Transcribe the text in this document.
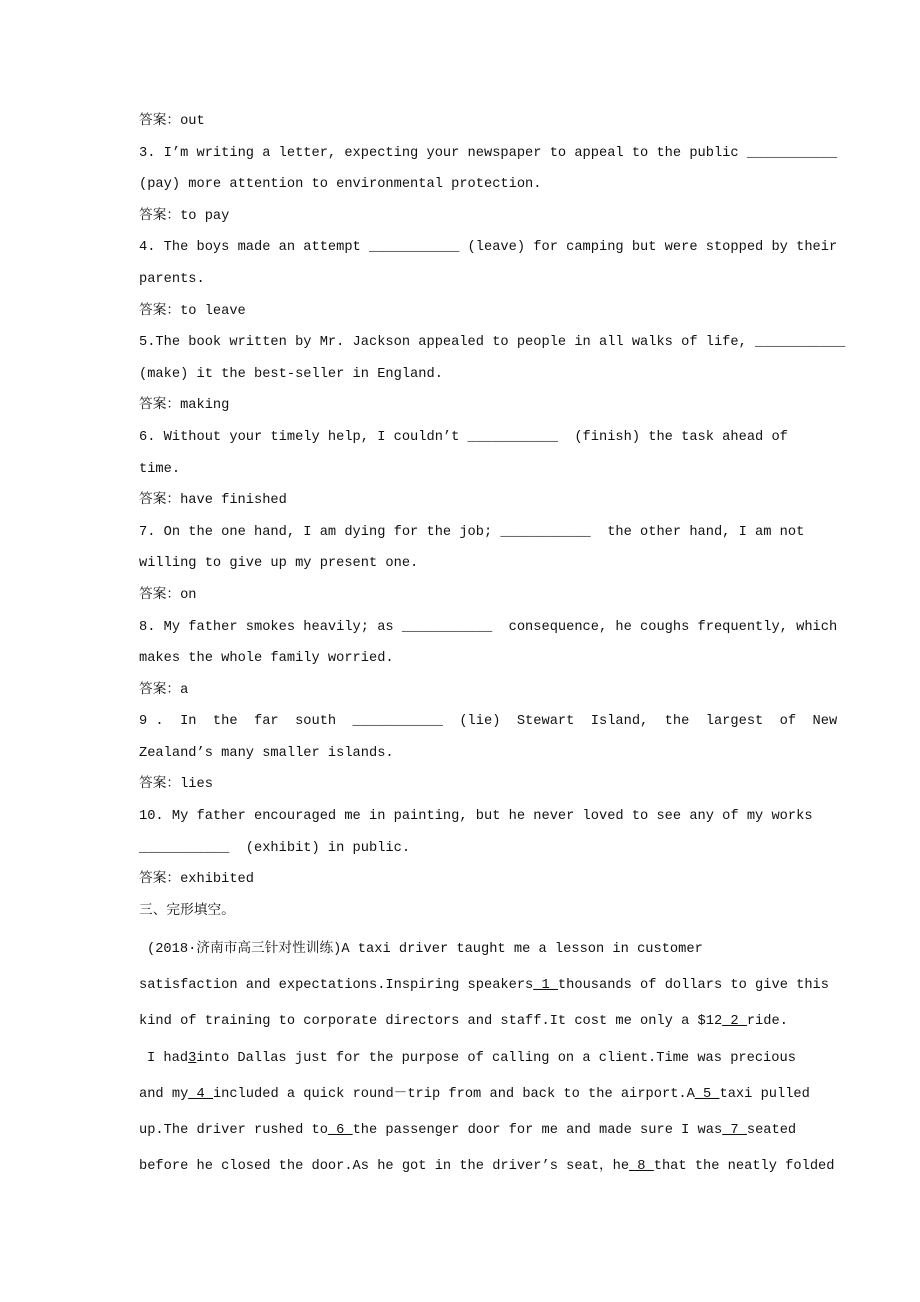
答案：out
3. I’m writing a letter, expecting your newspaper to appeal to the public ___________
(pay) more attention to environmental protection.
答案：to pay
4. The boys made an attempt ___________ (leave) for camping but were stopped by their
parents.
答案：to leave
5.The book written by Mr. Jackson appealed to people in all walks of life, ___________
(make) it the best-seller in England.
答案：making
6. Without your timely help, I couldn’t ___________  (finish) the task ahead of
time.
答案：have finished
7. On the one hand, I am dying for the job; ___________  the other hand, I am not
willing to give up my present one.
答案：on
8. My father smokes heavily; as ___________  consequence, he coughs frequently, which
makes the whole family worried.
答案：a
9 .  In  the  far  south  ___________  (lie)  Stewart  Island,  the  largest  of  New
Zealand’s many smaller islands.
答案：lies
10. My father encouraged me in painting, but he never loved to see any of my works
___________  (exhibit) in public.
答案：exhibited
三、完形填空。
(2018·济南市高三针对性训练)A taxi driver taught me a lesson in customer
satisfaction and expectations.Inspiring speakers_1_thousands of dollars to give this
kind of training to corporate directors and staff.It cost me only a $12_2_ride.
I had3into Dallas just for the purpose of calling on a client.Time was precious
and my_4_included a quick round－trip from and back to the airport.A_5_taxi pulled
up.The driver rushed to_6_the passenger door for me and made sure I was_7_seated
before he closed the door.As he got in the driver’s seat，he_8_that the neatly folded
